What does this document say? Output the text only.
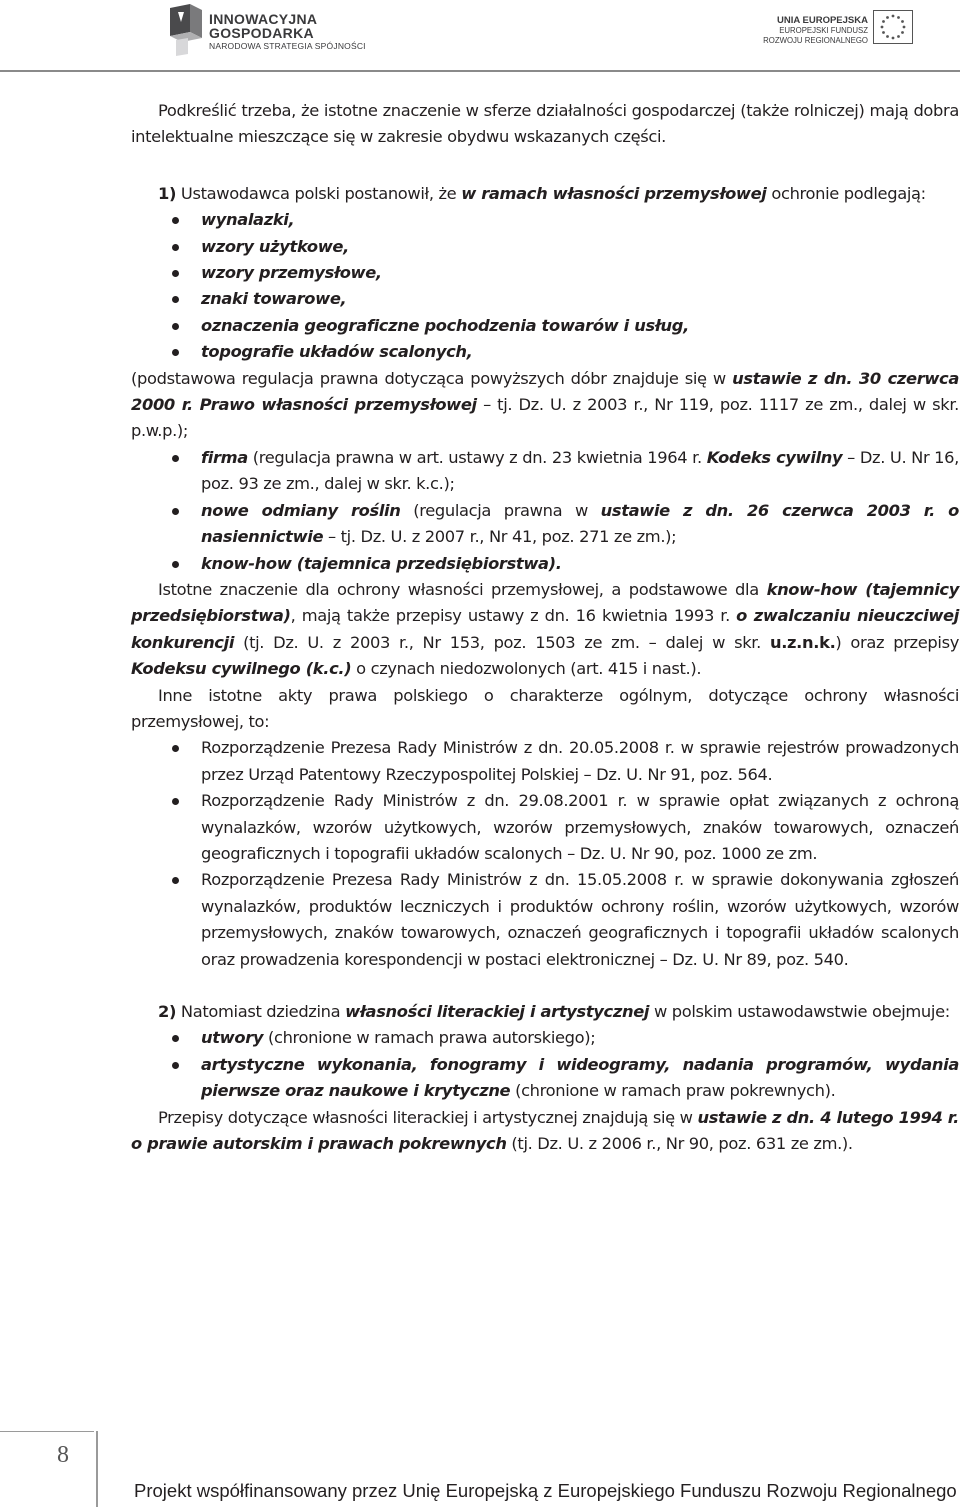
INNOWACYJNA
GOSPODARKA
NARODOWA STRATEGIA SPÓJNOŚCI
UNIA EUROPEJSKA
EUROPEJSKI FUNDUSZ
ROZWOJU REGIONALNEGO

Podkreślić trzeba, że istotne znaczenie w sferze działalności gospodarczej (także rolniczej) mają dobra intelektualne mieszczące się w zakresie obydwu wskazanych części.

1) Ustawodawca polski postanowił, że w ramach własności przemysłowej ochronie podlegają:

wynalazki,
wzory użytkowe,
wzory przemysłowe,
znaki towarowe,
oznaczenia geograficzne pochodzenia towarów i usług,
topografie układów scalonych,

(podstawowa regulacja prawna dotycząca powyższych dóbr znajduje się w ustawie z dn. 30 czerwca 2000 r. Prawo własności przemysłowej – tj. Dz. U. z 2003 r., Nr 119, poz. 1117 ze zm., dalej w skr. p.w.p.);

firma (regulacja prawna w art. ustawy z dn. 23 kwietnia 1964 r. Kodeks cywilny – Dz. U. Nr 16, poz. 93 ze zm., dalej w skr. k.c.);
nowe odmiany roślin (regulacja prawna w ustawie z dn. 26 czerwca 2003 r. o nasiennictwie – tj. Dz. U. z 2007 r., Nr 41, poz. 271 ze zm.);
know-how (tajemnica przedsiębiorstwa).

Istotne znaczenie dla ochrony własności przemysłowej, a podstawowe dla know-how (tajemnicy przedsiębiorstwa), mają także przepisy ustawy z dn. 16 kwietnia 1993 r. o zwalczaniu nieuczciwej konkurencji (tj. Dz. U. z 2003 r., Nr 153, poz. 1503 ze zm. – dalej w skr. u.z.n.k.) oraz przepisy Kodeksu cywilnego (k.c.) o czynach niedozwolonych (art. 415 i nast.).

Inne istotne akty prawa polskiego o charakterze ogólnym, dotyczące ochrony własności przemysłowej, to:

Rozporządzenie Prezesa Rady Ministrów z dn. 20.05.2008 r. w sprawie rejestrów prowadzonych przez Urząd Patentowy Rzeczypospolitej Polskiej – Dz. U. Nr 91, poz. 564.
Rozporządzenie Rady Ministrów z dn. 29.08.2001 r. w sprawie opłat związanych z ochroną wynalazków, wzorów użytkowych, wzorów przemysłowych, znaków towarowych, oznaczeń geograficznych i topografii układów scalonych – Dz. U. Nr 90, poz. 1000 ze zm.
Rozporządzenie Prezesa Rady Ministrów z dn. 15.05.2008 r. w sprawie dokonywania zgłoszeń wynalazków, produktów leczniczych i produktów ochrony roślin, wzorów użytkowych, wzorów przemysłowych, znaków towarowych, oznaczeń geograficznych i topografii układów scalonych oraz prowadzenia korespondencji w postaci elektronicznej – Dz. U. Nr 89, poz. 540.

2) Natomiast dziedzina własności literackiej i artystycznej w polskim ustawodawstwie obejmuje:

utwory (chronione w ramach prawa autorskiego);
artystyczne wykonania, fonogramy i wideogramy, nadania programów, wydania pierwsze oraz naukowe i krytyczne (chronione w ramach praw pokrewnych).

Przepisy dotyczące własności literackiej i artystycznej znajdują się w ustawie z dn. 4 lutego 1994 r. o prawie autorskim i prawach pokrewnych (tj. Dz. U. z 2006 r., Nr 90, poz. 631 ze zm.).

8
Projekt współfinansowany przez Unię Europejską z Europejskiego Funduszu Rozwoju Regionalnego
